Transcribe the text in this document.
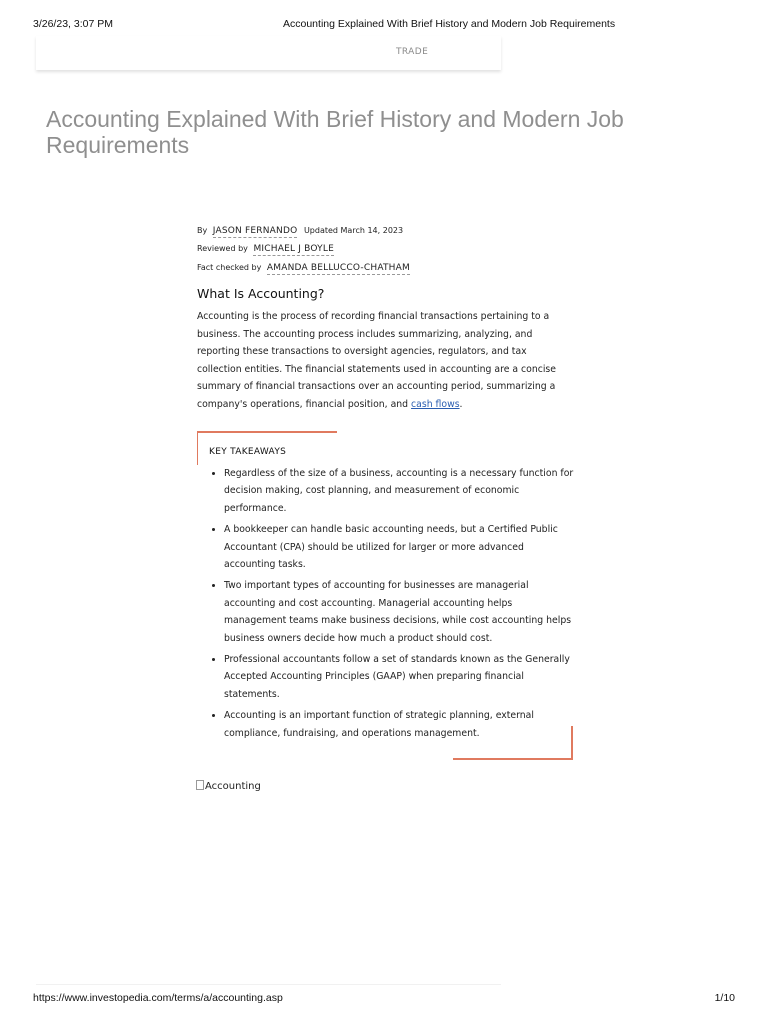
3/26/23, 3:07 PM	Accounting Explained With Brief History and Modern Job Requirements
TRADE
Accounting Explained With Brief History and Modern Job Requirements
By JASON FERNANDO Updated March 14, 2023
Reviewed by MICHAEL J BOYLE
Fact checked by AMANDA BELLUCCO-CHATHAM
What Is Accounting?

Accounting is the process of recording financial transactions pertaining to a business. The accounting process includes summarizing, analyzing, and reporting these transactions to oversight agencies, regulators, and tax collection entities. The financial statements used in accounting are a concise summary of financial transactions over an accounting period, summarizing a company's operations, financial position, and cash flows.

KEY TAKEAWAYS
• Regardless of the size of a business, accounting is a necessary function for decision making, cost planning, and measurement of economic performance.
• A bookkeeper can handle basic accounting needs, but a Certified Public Accountant (CPA) should be utilized for larger or more advanced accounting tasks.
• Two important types of accounting for businesses are managerial accounting and cost accounting. Managerial accounting helps management teams make business decisions, while cost accounting helps business owners decide how much a product should cost.
• Professional accountants follow a set of standards known as the Generally Accepted Accounting Principles (GAAP) when preparing financial statements.
• Accounting is an important function of strategic planning, external compliance, fundraising, and operations management.
Accounting
https://www.investopedia.com/terms/a/accounting.asp	1/10
